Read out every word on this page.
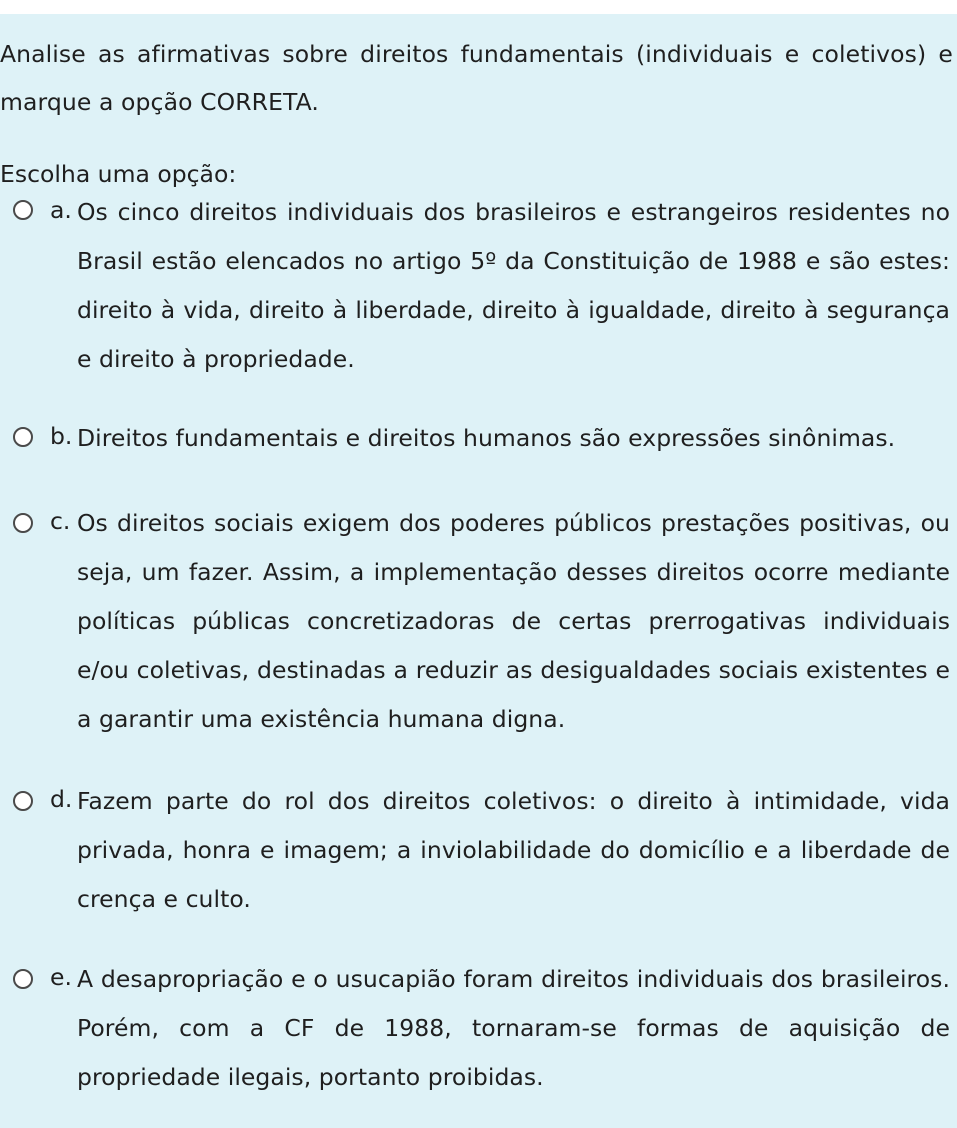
Analise as afirmativas sobre direitos fundamentais (individuais e coletivos) e marque a opção CORRETA.
Escolha uma opção:
a. Os cinco direitos individuais dos brasileiros e estrangeiros residentes no Brasil estão elencados no artigo 5º da Constituição de 1988 e são estes: direito à vida, direito à liberdade, direito à igualdade, direito à segurança e direito à propriedade.
b. Direitos fundamentais e direitos humanos são expressões sinônimas.
c. Os direitos sociais exigem dos poderes públicos prestações positivas, ou seja, um fazer. Assim, a implementação desses direitos ocorre mediante políticas públicas concretizadoras de certas prerrogativas individuais e/ou coletivas, destinadas a reduzir as desigualdades sociais existentes e a garantir uma existência humana digna.
d. Fazem parte do rol dos direitos coletivos: o direito à intimidade, vida privada, honra e imagem; a inviolabilidade do domicílio e a liberdade de crença e culto.
e. A desapropriação e o usucapião foram direitos individuais dos brasileiros. Porém, com a CF de 1988, tornaram-se formas de aquisição de propriedade ilegais, portanto proibidas.
